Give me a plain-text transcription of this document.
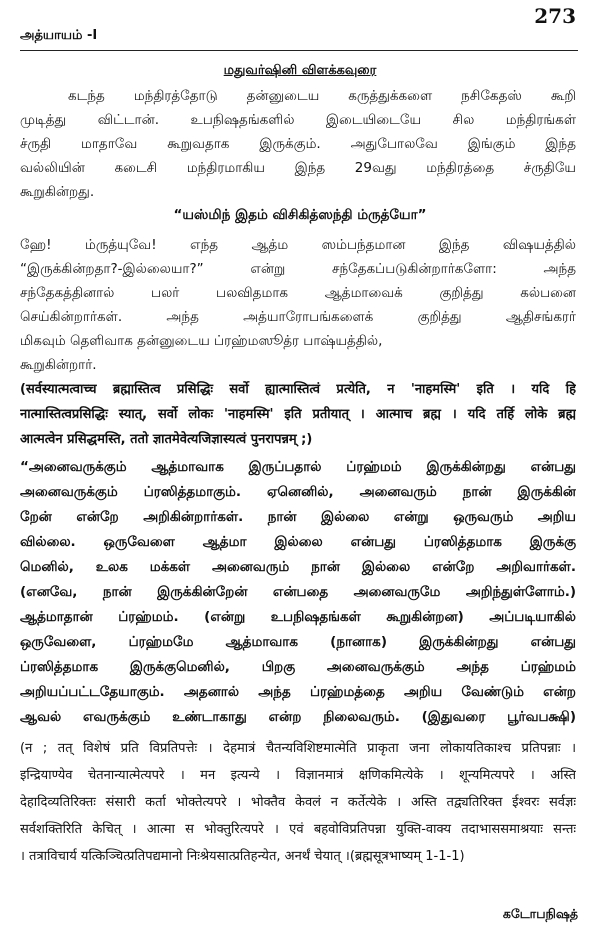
273
அத்யாயம் -I
மதுவர்ஷினி விளக்கவுரை
கடந்த மந்திரத்தோடு தன்னுடைய கருத்துக்களை நசிகேதஸ் கூறி
முடித்து விட்டான். உபநிஷதங்களில் இடையிடையே சில மந்திரங்கள்
ச்ருதி மாதாவே கூறுவதாக இருக்கும். அதுபோலவே இங்கும் இந்த
வல்லியின் கடைசி மந்திரமாகிய இந்த 29வது மந்திரத்தை ச்ருதியே
கூறுகின்றது.
“யஸ்மிந் இதம் விசிகித்ஸந்தி ம்ருத்யோ”
ஹே! ம்ருத்யுவே! எந்த ஆத்ம ஸம்பந்தமான இந்த விஷயத்தில்
“இருக்கின்றதா?-இல்லையா?” என்று சந்தேகப்படுகின்றார்களோ: அந்த
சந்தேகத்தினால் பலர் பலவிதமாக ஆத்மாவைக் குறித்து கல்பனை
செய்கின்றார்கள். அந்த அத்யாரோபங்களைக் குறித்து ஆதிசங்கரர்
மிகவும் தெளிவாக தன்னுடைய ப்ரஹ்மஸூத்ர பாஷ்யத்தில்,
கூறுகின்றார்.
(सर्वस्यात्मत्वाच्च ब्रह्मास्तित्व प्रसिद्धिः सर्वो ह्यात्मास्तित्वं प्रत्येति, न 'नाहमस्मि' इति । यदि हि
नात्मास्तित्वप्रसिद्धिः स्यात्, सर्वो लोकः 'नाहमस्मि' इति प्रतीयात् । आत्माच ब्रह्म । यदि तर्हि लोके ब्रह्म
आत्मत्वेन प्रसिद्धमस्ति, ततो ज्ञातमेवेत्यजिज्ञास्यत्वं पुनरापन्नम् ;)
“அனைவருக்கும் ஆத்மாவாக இருப்பதால் ப்ரஹ்மம் இருக்கின்றது என்பது
அனைவருக்கும் ப்ரஸித்தமாகும். ஏனெனில், அனைவரும் நான் இருக்கின்
றேன் என்றே அறிகின்றார்கள். நான் இல்லை என்று ஒருவரும் அறிய
வில்லை. ஒருவேளை ஆத்மா இல்லை என்பது ப்ரஸித்தமாக இருக்கு
மெனில், உலக மக்கள் அனைவரும் நான் இல்லை என்றே அறிவார்கள்.
(எனவே, நான் இருக்கின்றேன் என்பதை அனைவருமே அறிந்துள்ளோம்.)
ஆத்மாதான் ப்ரஹ்மம். (என்று உபநிஷதங்கள் கூறுகின்றன) அப்படியாகில்
ஒருவேளை, ப்ரஹ்மமே ஆத்மாவாக (நானாக) இருக்கின்றது என்பது
ப்ரஸித்தமாக இருக்குமெனில், பிறகு அனைவருக்கும் அந்த ப்ரஹ்மம்
அறியப்பட்டதேயாகும். அதனால் அந்த ப்ரஹ்மத்தை அறிய வேண்டும் என்ற
ஆவல் எவருக்கும் உண்டாகாது என்ற நிலைவரும். (இதுவரை பூர்வபக்ஷி)
(न ; तत् विशेषं प्रति विप्रतिपत्तेः । देहमात्रं चैतन्यविशिष्टमात्मेति प्राकृता जना लोकायतिकाश्च प्रतिपन्नाः ।
इन्द्रियाण्येव चेतनान्यात्मेत्यपरे । मन इत्यन्ये । विज्ञानमात्रं क्षणिकमित्येके । शून्यमित्यपरे । अस्ति
देहादिव्यतिरिक्तः संसारी कर्ता भोक्तेत्यपरे । भोक्तैव केवलं न कर्तेत्येके । अस्ति तद्व्यतिरिक्त ईश्वरः सर्वज्ञः
सर्वशक्तिरिति केचित् । आत्मा स भोक्तुरित्यपरे । एवं बहवोविप्रतिपन्ना युक्ति-वाक्य तदाभाससमाश्रयाः सन्तः
। तत्राविचार्य यत्किञ्चित्प्रतिपद्यमानो निःश्रेयसात्प्रतिहन्येत, अनर्थं चेयात् ।(ब्रह्मसूत्रभाष्यम् 1-1-1)
கடோபநிஷத்
